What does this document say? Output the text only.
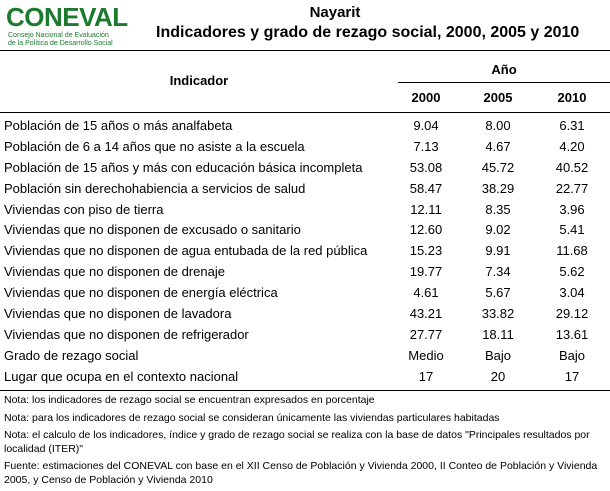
CONEVAL
Consejo Nacional de Evaluación
de la Política de Desarrollo Social
Nayarit
Indicadores y grado de rezago social, 2000, 2005 y 2010
Indicador
Año
2000	2005	2010
Población de 15 años o más analfabeta	9.04	8.00	6.31
Población de 6 a 14 años que no asiste a la escuela	7.13	4.67	4.20
Población de 15 años y más con educación básica incompleta	53.08	45.72	40.52
Población sin derechohabiencia a servicios de salud	58.47	38.29	22.77
Viviendas con piso de tierra	12.11	8.35	3.96
Viviendas que no disponen de excusado o sanitario	12.60	9.02	5.41
Viviendas que no disponen de agua entubada de la red pública	15.23	9.91	11.68
Viviendas que no disponen de drenaje	19.77	7.34	5.62
Viviendas que no disponen de energía eléctrica	4.61	5.67	3.04
Viviendas que no disponen de lavadora	43.21	33.82	29.12
Viviendas que no disponen de refrigerador	27.77	18.11	13.61
Grado de rezago social	Medio	Bajo	Bajo
Lugar que ocupa en el contexto nacional	17	20	17
Nota: los indicadores de rezago social se encuentran expresados en porcentaje
Nota: para los indicadores de rezago social se consideran únicamente las viviendas particulares habitadas
Nota: el calculo de los indicadores, índice y grado de rezago social se realiza con la base de datos "Principales resultados por localidad (ITER)"
Fuente: estimaciones del CONEVAL con base en el XII Censo de Población y Vivienda 2000, II Conteo de Población y Vivienda 2005, y Censo de Población y Vivienda 2010
